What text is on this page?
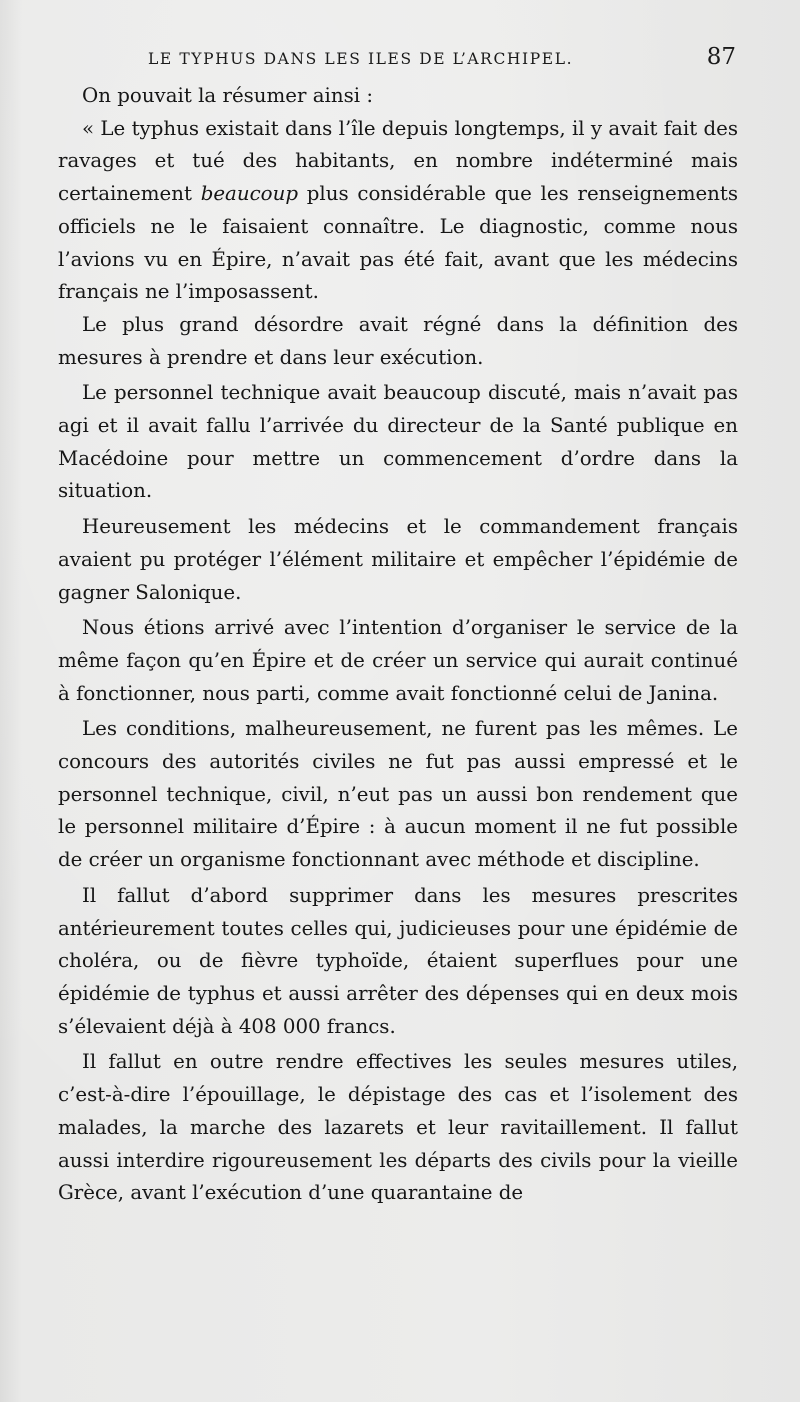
LE TYPHUS DANS LES ILES DE L’ARCHIPEL.	87

On pouvait la résumer ainsi :

« Le typhus existait dans l’île depuis longtemps, il y avait fait des ravages et tué des habitants, en nombre indéterminé mais certainement beaucoup plus considérable que les renseignements officiels ne le faisaient connaître. Le diagnostic, comme nous l’avions vu en Épire, n’avait pas été fait, avant que les médecins français ne l’imposassent.

Le plus grand désordre avait régné dans la définition des mesures à prendre et dans leur exécution.

Le personnel technique avait beaucoup discuté, mais n’avait pas agi et il avait fallu l’arrivée du directeur de la Santé publique en Macédoine pour mettre un commencement d’ordre dans la situation.

Heureusement les médecins et le commandement français avaient pu protéger l’élément militaire et empêcher l’épidémie de gagner Salonique.

Nous étions arrivé avec l’intention d’organiser le service de la même façon qu’en Épire et de créer un service qui aurait continué à fonctionner, nous parti, comme avait fonctionné celui de Janina.

Les conditions, malheureusement, ne furent pas les mêmes. Le concours des autorités civiles ne fut pas aussi empressé et le personnel technique, civil, n’eut pas un aussi bon rendement que le personnel militaire d’Épire : à aucun moment il ne fut possible de créer un organisme fonctionnant avec méthode et discipline.

Il fallut d’abord supprimer dans les mesures prescrites antérieurement toutes celles qui, judicieuses pour une épidémie de choléra, ou de fièvre typhoïde, étaient superflues pour une épidémie de typhus et aussi arrêter des dépenses qui en deux mois s’élevaient déjà à 408 000 francs.

Il fallut en outre rendre effectives les seules mesures utiles, c’est-à-dire l’épouillage, le dépistage des cas et l’isolement des malades, la marche des lazarets et leur ravitaillement. Il fallut aussi interdire rigoureusement les départs des civils pour la vieille Grèce, avant l’exécution d’une quarantaine de
